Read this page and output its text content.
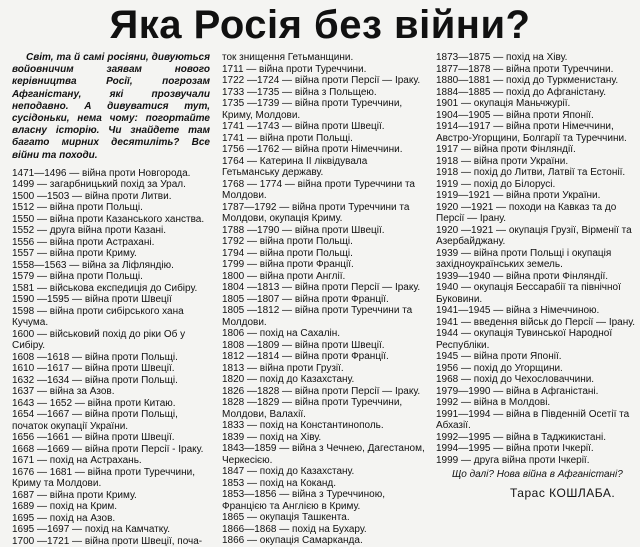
Яка Росія без війни?

Світ, та й самі росіяни, дивуються войовничим заявам нового керівництва Росії, погрозам Афганістану, які прозвучали неподавно. А дивуватися тут, сусідоньки, нема чому: погортайте власну історію. Чи знайдете там багато мирних десятиліть? Все війни та походи.

1471—1496 — війна проти Новгорода.
1499 — загарбницький похід за Урал.
1500 —1503 — війна проти Литви.
1512 — війна проти Польщі.
1550 — війна проти Казанського ханства.
1552 — друга війна проти Казані.
1556 — війна проти Астрахані.
1557 — війна проти Криму.
1558—1563 — війна за Ліфляндію.
1579 — війна проти Польщі.
1581 — військова експедиція до Сибіру.
1590 —1595 — війна проти Швеції
1598 — війна проти сибірського хана Кучума.
1600 — військовий похід до ріки Об у Сибіру.
1608 —1618 — війна проти Польщі.
1610 —1617 — війна проти Швеції.
1632 —1634 — війна проти Польщі.
1637 — війна за Азов.
1643 — 1652 — війна проти Китаю.
1654 —1667 — війна проти Польщі, початок окупації України.
1656 —1661 — війна проти Швеції.
1668 —1669 — війна проти Персії - Іраку.
1671 — похід на Астрахань.
1676 — 1681 — війна проти Туреччини, Криму та Молдови.
1687 — війна проти Криму.
1689 — похід на Крим.
1695 — похід на Азов.
1695 —1697 — похід на Камчатку.
1700 —1721 — війна проти Швеції, поча-
ток знищення Гетьманщини.
1711 — війна проти Туреччини.
1722 —1724 — війна проти Персії — Іраку.
1733 —1735 — війна з Польщею.
1735 —1739 — війна проти Туреччини, Криму, Молдови.
1741 —1743 — війна проти Швеції.
1741 — війна проти Польщі.
1756 —1762 — війна проти Німеччини.
1764 — Катерина II ліквідувала Гетьманську державу.
1768 — 1774 — війна проти Туреччини та Молдови.
1787—1792 — війна проти Туреччини та Молдови, окупація Криму.
1788 —1790 — війна проти Швеції.
1792 — війна проти Польщі.
1794 — війна проти Польщі.
1799 — війна проти Франції.
1800 — війна проти Англії.
1804 —1813 — війна проти Персії — Іраку.
1805 —1807 — війна проти Франції.
1805 —1812 — війна проти Туреччини та Молдови.
1806 — похід на Сахалін.
1808 —1809 — війна проти Швеції.
1812 —1814 — війна проти Франції.
1813 — війна проти Грузії.
1820 — похід до Казахстану.
1826 —1828 — війна проти Персії — Іраку.
1828 —1829 — війна проти Туреччини, Молдови, Валахії.
1833 — похід на Константинополь.
1839 — похід на Хіву.
1843—1859 — війна з Чечнею, Дагестаном, Черкесією.
1847 — похід до Казахстану.
1853 — похід на Коканд.
1853—1856 — війна з Туреччиною, Францією та Англією в Криму.
1865 — окупація Ташкента.
1866—1868 — похід на Бухару.
1866 — окупація Самарканда.
1873—1875 — похід на Хіву.
1877—1878 — війна проти Туреччини.
1880—1881 — похід до Туркменистану.
1884—1885 — похід до Афганістану.
1901 — окупація Маньчжурії.
1904—1905 — війна проти Японії.
1914—1917 — війна проти Німеччини, Австро-Угорщини, Болгарії та Туреччини.
1917 — війна проти Фінляндії.
1918 — війна проти України.
1918 — похід до Литви, Латвії та Естонії.
1919 — похід до Білорусі.
1919—1921 — війна проти України.
1920 —1921 — походи на Кавказ та до Персії — Ірану.
1920 —1921 — окупація Грузії, Вірменії та Азербайджану.
1939 — війна проти Польщі і окупація західноукраїнських земель.
1939—1940 — війна проти Фінляндії.
1940 — окупація Бессарабії та північної Буковини.
1941—1945 — війна з Німеччиною.
1941 — введення військ до Персії — Ірану.
1944 — окупація Тувинської Народної Республіки.
1945 — війна проти Японії.
1956 — похід до Угорщини.
1968 — похід до Чехословаччини.
1979—1990 — війна в Афганістані.
1992 — війна в Молдові.
1991—1994 — війна в Південній Осетії та Абхазії.
1992—1995 — війна в Таджикистані.
1994—1995 — війна проти Ічкерії.
1999 — друга війна проти Ічкерії.
Що далі? Нова війна в Афганістані?
Тарас КОШЛАБА.
